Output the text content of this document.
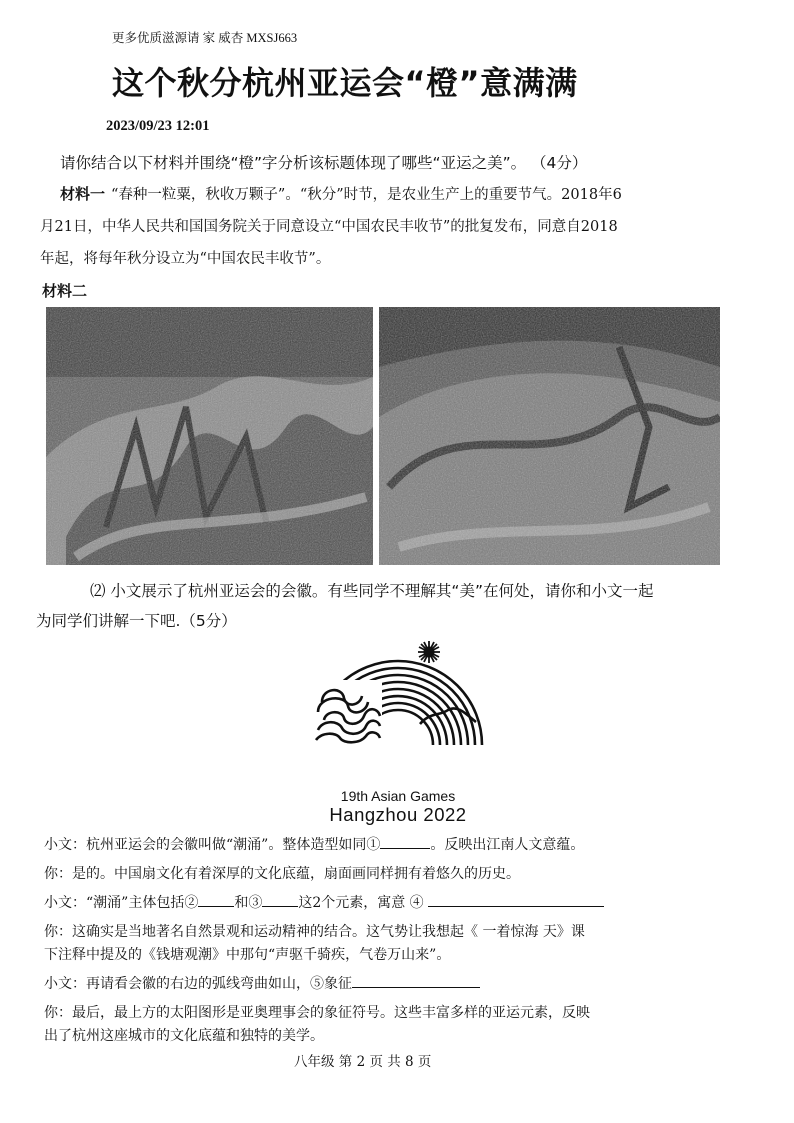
更多优质滋源请 家 威杏 MXSJ663
这个秋分杭州亚运会“橙”意满满
2023/09/23 12:01
请你结合以下材料并围绕“橙”字分析该标题体现了哪些“亚运之美”。 （4分）
材料一 “春种一粒粟，秋收万颗子”。“秋分”时节，是农业生产上的重要节气。2018年6
月21日，中华人民共和国国务院关于同意设立“中国农民丰收节”的批复发布，同意自2018
年起，将每年秋分设立为“中国农民丰收节”。
材料二
⑵ 小文展示了杭州亚运会的会徽。有些同学不理解其“美”在何处，请你和小文一起
为同学们讲解一下吧.（5分）
19th Asian Games
Hangzhou 2022
小文：杭州亚运会的会徽叫做“潮涌”。整体造型如同①	。反映出江南人文意蕴。
你：是的。中国扇文化有着深厚的文化底蕴，扇面画同样拥有着悠久的历史。
小文：“潮涌”主体包括②	和③	这2个元素，寓意 ④
你：这确实是当地著名自然景观和运动精神的结合。这气势让我想起《 一着惊海 天》课
下注释中提及的《钱塘观潮》中那句“声驱千骑疾，气卷万山来”。
小文：再请看会徽的右边的弧线弯曲如山，⑤象征
你：最后，最上方的太阳图形是亚奥理事会的象征符号。这些丰富多样的亚运元素，反映
出了杭州这座城市的文化底蕴和独特的美学。
八年级 第 2 页 共 8 页
